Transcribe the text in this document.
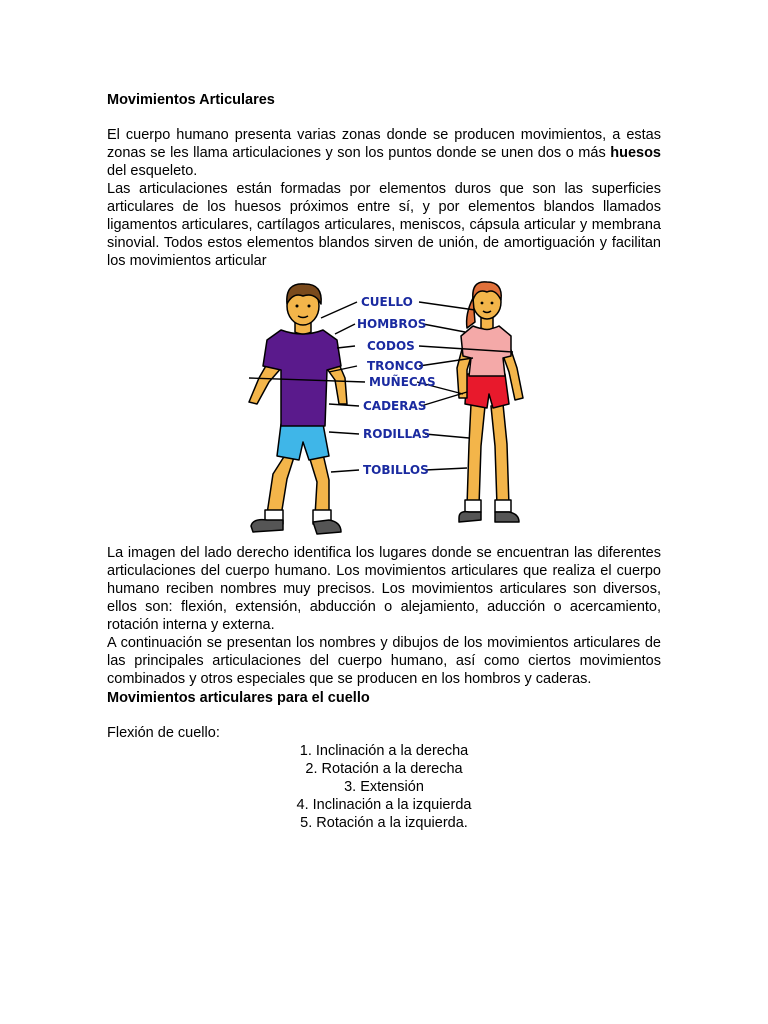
Movimientos Articulares

El cuerpo humano presenta varias zonas donde se producen movimientos, a estas zonas se les llama articulaciones y son los puntos donde se unen dos o más huesos del esqueleto.

Las articulaciones están formadas por elementos duros que son las superficies articulares de los huesos próximos entre sí, y por elementos blandos llamados ligamentos articulares, cartílagos articulares, meniscos, cápsula articular y membrana sinovial. Todos estos elementos blandos sirven de unión, de amortiguación y facilitan los movimientos articular

CUELLO
HOMBROS
CODOS
TRONCO
MUÑECAS
CADERAS
RODILLAS
TOBILLOS

La imagen del lado derecho identifica los lugares donde se encuentran las diferentes articulaciones del cuerpo humano. Los movimientos articulares que realiza el cuerpo humano reciben nombres muy precisos. Los movimientos articulares son diversos, ellos son: flexión, extensión, abducción o alejamiento, aducción o acercamiento, rotación interna y externa.

A continuación se presentan los nombres y dibujos de los movimientos articulares de las principales articulaciones del cuerpo humano, así como ciertos movimientos combinados y otros especiales que se producen en los hombros y caderas.

Movimientos articulares para el cuello

Flexión de cuello:

1. Inclinación a la derecha
2. Rotación a la derecha
3. Extensión
4. Inclinación a la izquierda
5. Rotación a la izquierda.
